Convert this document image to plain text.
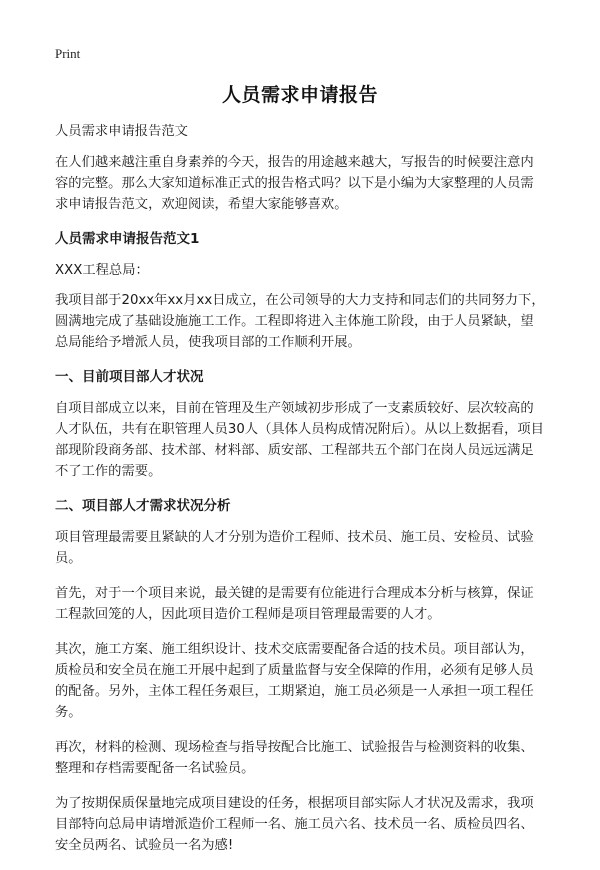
Print
人员需求申请报告

人员需求申请报告范文

在人们越来越注重自身素养的今天，报告的用途越来越大，写报告的时候要注意内容的完整。那么大家知道标准正式的报告格式吗？以下是小编为大家整理的人员需求申请报告范文，欢迎阅读，希望大家能够喜欢。

人员需求申请报告范文1

XXX工程总局：

我项目部于20xx年xx月xx日成立，在公司领导的大力支持和同志们的共同努力下，圆满地完成了基础设施施工工作。工程即将进入主体施工阶段，由于人员紧缺，望总局能给予增派人员，使我项目部的工作顺利开展。

一、目前项目部人才状况

自项目部成立以来，目前在管理及生产领域初步形成了一支素质较好、层次较高的人才队伍，共有在职管理人员30人（具体人员构成情况附后）。从以上数据看，项目部现阶段商务部、技术部、材料部、质安部、工程部共五个部门在岗人员远远满足不了工作的需要。

二、项目部人才需求状况分析

项目管理最需要且紧缺的人才分别为造价工程师、技术员、施工员、安检员、试验员。

首先，对于一个项目来说，最关键的是需要有位能进行合理成本分析与核算，保证工程款回笼的人，因此项目造价工程师是项目管理最需要的人才。

其次，施工方案、施工组织设计、技术交底需要配备合适的技术员。项目部认为，质检员和安全员在施工开展中起到了质量监督与安全保障的作用，必须有足够人员的配备。另外，主体工程任务艰巨，工期紧迫，施工员必须是一人承担一项工程任务。

再次，材料的检测、现场检查与指导按配合比施工、试验报告与检测资料的收集、整理和存档需要配备一名试验员。

为了按期保质保量地完成项目建设的任务，根据项目部实际人才状况及需求，我项目部特向总局申请增派造价工程师一名、施工员六名、技术员一名、质检员四名、安全员两名、试验员一名为感!
